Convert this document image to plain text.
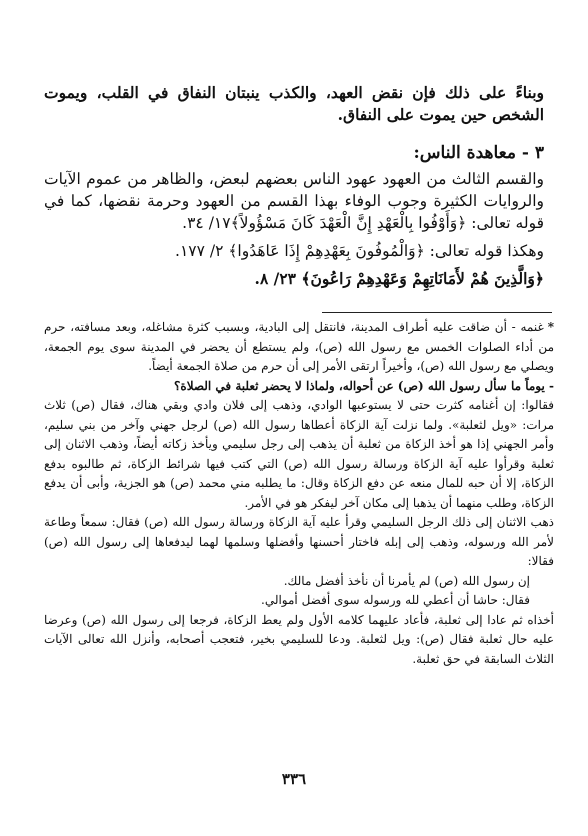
وبناءً على ذلك فإن نقض العهد، والكذب ينبتان النفاق في القلب، ويموت الشخص حين يموت على النفاق.

٣ - معاهدة الناس:

والقسم الثالث من العهود عهود الناس بعضهم لبعض، والظاهر من عموم الآيات والروايات الكثيرة وجوب الوفاء بهذا القسم من العهود وحرمة نقضها، كما في قوله تعالى: ﴿وَأَوْفُوا بِالْعَهْدِ إِنَّ الْعَهْدَ كَانَ مَسْؤُولاً﴾١٧/ ٣٤.

وهكذا قوله تعالى: ﴿وَالْمُوفُونَ بِعَهْدِهِمْ إِذَا عَاهَدُوا﴾ ٢/ ١٧٧.

﴿وَالَّذِينَ هُمْ لأَمَانَاتِهِمْ وَعَهْدِهِمْ رَاعُونَ﴾ ٢٣/ ٨.

*غنمه - أن ضاقت عليه أطراف المدينة، فانتقل إلى البادية، وبسبب كثرة مشاغله، وبعد مسافته، حرم من أداء الصلوات الخمس مع رسول الله (ص)، ولم يستطع أن يحضر في المدينة سوى يوم الجمعة، ويصلي مع رسول الله (ص)، وأخيراً ارتقى الأمر إلى أن حرم من صلاة الجمعة أيضاً.

- يوماً ما سأل رسول الله (ص) عن أحواله، ولماذا لا يحضر ثعلبة في الصلاة؟

فقالوا: إن أغنامه كثرت حتى لا يستوعبها الوادي، وذهب إلى فلان وادي وبقي هناك، فقال (ص) ثلاث مرات: «ويل لثعلبة». ولما نزلت آية الزكاة أعطاها رسول الله (ص) لرجل جهني وآخر من بني سليم، وأمر الجهني إذا هو أخذ الزكاة من ثعلبة أن يذهب إلى رجل سليمي ويأخذ زكاته أيضاً، وذهب الاثنان إلى ثعلبة وقرأوا عليه آية الزكاة ورسالة رسول الله (ص) التي كتب فيها شرائط الزكاة، ثم طالبوه بدفع الزكاة، إلا أن حبه للمال منعه عن دفع الزكاة وقال: ما يطلبه مني محمد (ص) هو الجزية، وأبى أن يدفع الزكاة، وطلب منهما أن يذهبا إلى مكان آخر ليفكر هو في الأمر.

ذهب الاثنان إلى ذلك الرجل السليمي وقرأ عليه آية الزكاة ورسالة رسول الله (ص) فقال: سمعاً وطاعة لأمر الله ورسوله، وذهب إلى إبله فاختار أحسنها وأفضلها وسلمها لهما ليدفعاها إلى رسول الله (ص) فقالا:

إن رسول الله (ص) لم يأمرنا أن نأخذ أفضل مالك.

فقال: حاشا أن أعطي لله ورسوله سوى أفضل أموالي.

أخذاه ثم عادا إلى ثعلبة، فأعاد عليهما كلامه الأول ولم يعط الزكاة، فرجعا إلى رسول الله (ص) وعرضا عليه حال ثعلبة فقال (ص): ويل لثعلبة. ودعا للسليمي بخير، فتعجب أصحابه، وأنزل الله تعالى الآيات الثلاث السابقة في حق ثعلبة.

٣٣٦
